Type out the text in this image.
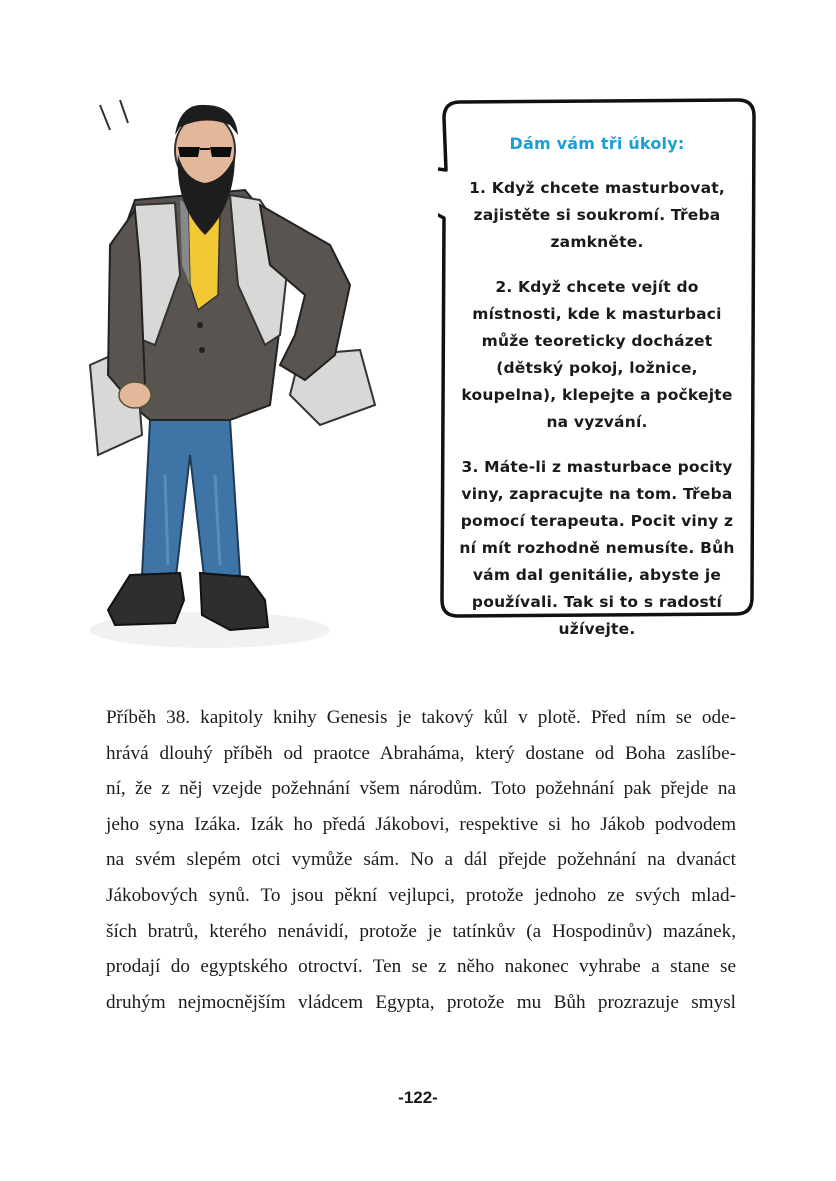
Dám vám tři úkoly:
1. Když chcete masturbovat, zajistěte si soukromí. Třeba zamkněte.
2. Když chcete vejít do místnosti, kde k masturbaci může teoreticky docházet (dětský pokoj, ložnice, koupelna), klepejte a počkejte na vyzvání.
3. Máte-li z masturbace pocity viny, zapracujte na tom. Třeba pomocí terapeuta. Pocit viny z ní mít rozhodně nemusíte. Bůh vám dal genitálie, abyste je používali. Tak si to s radostí užívejte.
Příběh 38. kapitoly knihy Genesis je takový kůl v plotě. Před ním se ode-
hrává dlouhý příběh od praotce Abraháma, který dostane od Boha zaslíbe-
ní, že z něj vzejde požehnání všem národům. Toto požehnání pak přejde na
jeho syna Izáka. Izák ho předá Jákobovi, respektive si ho Jákob podvodem
na svém slepém otci vymůže sám. No a dál přejde požehnání na dvanáct
Jákobových synů. To jsou pěkní vejlupci, protože jednoho ze svých mlad-
ších bratrů, kterého nenávidí, protože je tatínkův (a Hospodinův) mazánek,
prodají do egyptského otroctví. Ten se z něho nakonec vyhrabe a stane se
druhým nejmocnějším vládcem Egypta, protože mu Bůh prozrazuje smysl
-122-
